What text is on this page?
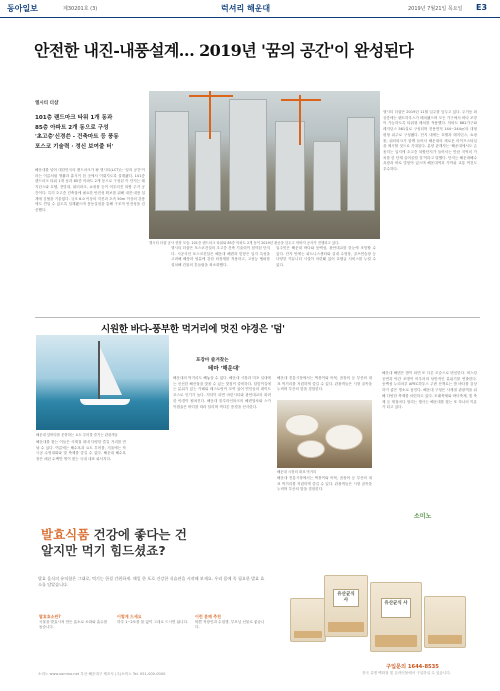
동아일보	제30201호 (3)	럭셔리 해운대	2019년 7월21일 목요일 E3
안전한 내진-내풍설계… 2019년 '꿈의 공간'이 완성된다
엘시티 더샵

101층 랜드마크 타워 1개 동과

85층 아파트 2개 동으로 구성

'초고층'신경쓴 - 건축마트 등 풍동

포스코 기술력 · 정신 보여줄 터'

해운대를 넘어 대한민국의 랜드마크가 될 엘시티(LCT)는 '꿈의 공간'이라는 이름처럼 생활과 휴식이 한 곳에서 이뤄지도록 설계됐다. 101층 랜드마크 타워 1개 동과 85층 아파트 2개 동으로 구성된 이 단지는 레지던스와 호텔, 전망대, 워터파크, 쇼핑몰 등이 어우러진 복합 주거 공간이다. 특히 초고층 건축물에 필요한 안전성 확보를 위해 내진·내풍 설계에 심혈을 기울였다. 규모 6.0 이상의 지진과 초속 50m 이상의 강풍에도 견딜 수 있도록 설계됐으며 풍동실험을 통해 구조적 안전성을 검증했다.
엘시티 더샵 공사 현장 모습. 101층 랜드마크 타워와 85층 아파트 2개 동이 2019년 완공을 앞두고 막바지 공사가 진행되고 있다.
엘시티 더샵은 포스코건설의 초고층 건축 기술력이 집약된 단지다. 시공사인 포스코건설은 해운대 해변과 맞닿은 입지 특성을 고려해 해풍과 염분에 강한 외장재를 적용하고, 고성능 댐퍼를 설치해 건물의 흔들림을 최소화했다.
입주민은 해운대 바다와 동백섬, 광안대교를 한눈에 조망할 수 있다. 단지 안에는 피트니스센터와 실내 수영장, 골프연습장 등 다양한 커뮤니티 시설이 마련돼 있어 호텔급 서비스를 누릴 수 있다.
엘시티 더샵은 2019년 11월 입주를 앞두고 있다. 주거동 최상층에는 펜트하우스가 배치됐으며 모든 가구에서 바다 조망이 가능하도록 타워형 배치를 적용했다. 아파트 882가구와 레지던스 561실로 구성되며 전용면적 144~244㎡의 대형 평형 위주로 구성됐다. 단지 내에는 호텔과 레지던스, 쇼핑몰, 워터파크가 함께 들어서 해운대의 새로운 라이프스타일을 제시할 것으로 기대된다. 분양 관계자는 '해운대에서도 손꼽히는 입지에 초고층 복합단지가 들어서는 만큼 지역의 가치를 한 단계 끌어올릴 것'이라고 말했다. 단지는 해운대해수욕장과 바로 맞닿아 있으며 해운대역과 가까워 교통 여건도 우수하다.
시원한 바다-풍부한 먹거리에 멋진 야경은 '덤'
해운대 앞바다를 운항하는 요트 투어를 즐기는 관광객들
포장마 즐겨찾는
테마 '해운대'
해운대를 찾는 이들은 사계절 내내 다양한 즐길 거리를 만날 수 있다. 여름에는 해수욕과 요트 투어를, 겨울에는 북극곰 수영대회와 빛 축제를 즐길 수 있다. 해운대 해수욕장은 매년 수백만 명이 찾는 국내 대표 피서지다.
해운대의 먹거리도 빼놓을 수 없다. 해운대 시장과 미포 일대에는 신선한 해산물을 맛볼 수 있는 맛집이 즐비하다. 달맞이길에는 분위기 있는 카페와 레스토랑이 모여 있어 연인들의 데이트 코스로 인기가 높다. 저녁이 되면 마린시티와 광안대교의 화려한 야경이 펼쳐진다. 해운대 블루라인파크의 해변열차와 스카이캡슐은 바다를 따라 달리며 색다른 풍경을 선사한다.
해운대 시장의 대표 먹거리
해운대 전통시장에서는 떡볶이와 어묵, 꼼장어 등 부산의 대표 먹거리를 저렴하게 즐길 수 있다. 관광객들은 시장 골목을 누비며 부산의 맛을 경험한다.
해운대 전통시장에서는 떡볶이와 어묵, 꼼장어 등 부산의 대표 먹거리를 저렴하게 즐길 수 있다. 관광객들은 시장 골목을 누비며 부산의 맛을 경험한다.
해운대 해변은 밤이 되면 또 다른 모습으로 변신한다. 버스킹 공연과 야간 조명이 어우러져 낭만적인 분위기를 연출한다. 동백섬 누리마루 APEC하우스 주변 산책로는 밤 바다를 감상하기 좋은 명소로 꼽힌다. 해운대 구청은 사계절 관광객을 위해 다양한 축제를 마련하고 있다. 모래축제와 바다축제, 빛 축제 등 계절마다 열리는 행사는 해운대를 찾는 또 하나의 이유가 되고 있다.
소미노
발효식품 건강에 좋다는 건
알지만 먹기 힘드셨죠?
발효 음식의 유익함은 그대로, 먹기는 한결 간편하게. 매일 한 포로 건강한 식습관을 시작해 보세요. 우리 몸에 꼭 필요한 발효 효소를 담았습니다.
발효효소란?
곡물을 발효시켜 만든 효소로 소화와 흡수를 돕습니다.
이렇게 드세요
하루 1~2포를 물 없이 그대로 드시면 됩니다.
이런 분께 추천
바쁜 직장인과 수험생, 부모님 선물로 좋습니다.
유산균식 사
유산균식 사
소미노 www.somino.net 부산 해운대구 제조사 (주)소미노 Tel. 051-000-0000
구입문의 1644-8535
전국 유명 백화점 및 온라인몰에서 구입하실 수 있습니다.
